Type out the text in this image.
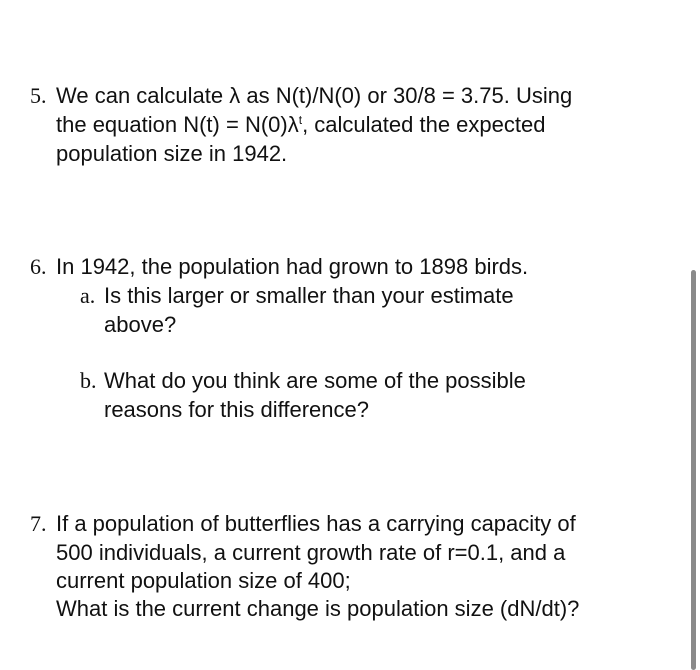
5. We can calculate λ as N(t)/N(0) or 30/8 = 3.75. Using
the equation $N(t) = N(0)\lambda^t$, calculated the expected
population size in 1942.
6. In 1942, the population had grown to 1898 birds.
a. Is this larger or smaller than your estimate
above?
b. What do you think are some of the possible
reasons for this difference?
7. If a population of butterflies has a carrying capacity of
500 individuals, a current growth rate of r=0.1, and a
current population size of 400;
What is the current change is population size (dN/dt)?
